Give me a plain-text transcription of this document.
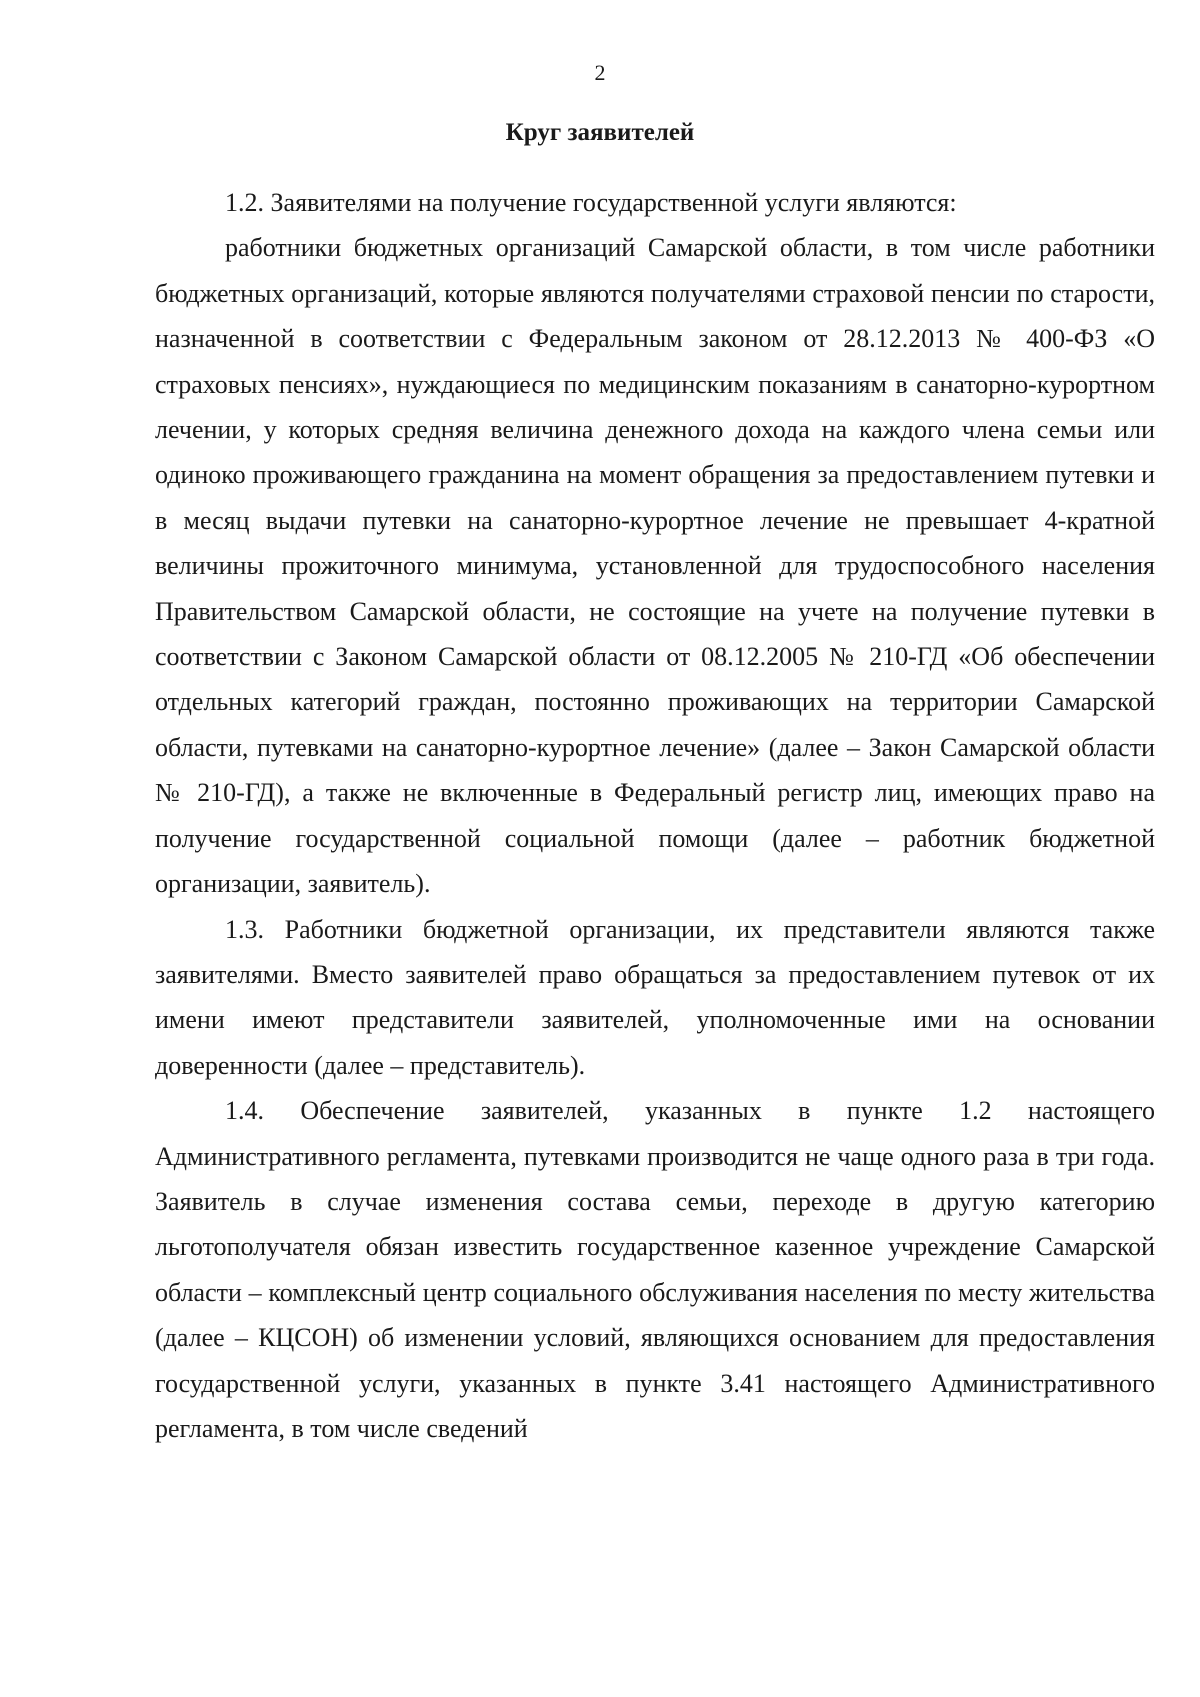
2

Круг заявителей

1.2. Заявителями на получение государственной услуги являются:

работники бюджетных организаций Самарской области, в том числе работники бюджетных организаций, которые являются получателями страховой пенсии по старости, назначенной в соответствии с Федеральным законом от 28.12.2013 № 400-ФЗ «О страховых пенсиях», нуждающиеся по медицинским показаниям в санаторно-курортном лечении, у которых средняя величина денежного дохода на каждого члена семьи или одиноко проживающего гражданина на момент обращения за предоставлением путевки и в месяц выдачи путевки на санаторно-курортное лечение не превышает 4-кратной величины прожиточного минимума, установленной для трудоспособного населения Правительством Самарской области, не состоящие на учете на получение путевки в соответствии с Законом Самарской области от 08.12.2005 № 210-ГД «Об обеспечении отдельных категорий граждан, постоянно проживающих на территории Самарской области, путевками на санаторно-курортное лечение» (далее – Закон Самарской области № 210-ГД), а также не включенные в Федеральный регистр лиц, имеющих право на получение государственной социальной помощи (далее – работник бюджетной организации, заявитель).

1.3. Работники бюджетной организации, их представители являются также заявителями. Вместо заявителей право обращаться за предоставлением путевок от их имени имеют представители заявителей, уполномоченные ими на основании доверенности (далее – представитель).

1.4. Обеспечение заявителей, указанных в пункте 1.2 настоящего Административного регламента, путевками производится не чаще одного раза в три года. Заявитель в случае изменения состава семьи, переходе в другую категорию льготополучателя обязан известить государственное казенное учреждение Самарской области – комплексный центр социального обслуживания населения по месту жительства (далее – КЦСОН) об изменении условий, являющихся основанием для предоставления государственной услуги, указанных в пункте 3.41 настоящего Административного регламента, в том числе сведений
